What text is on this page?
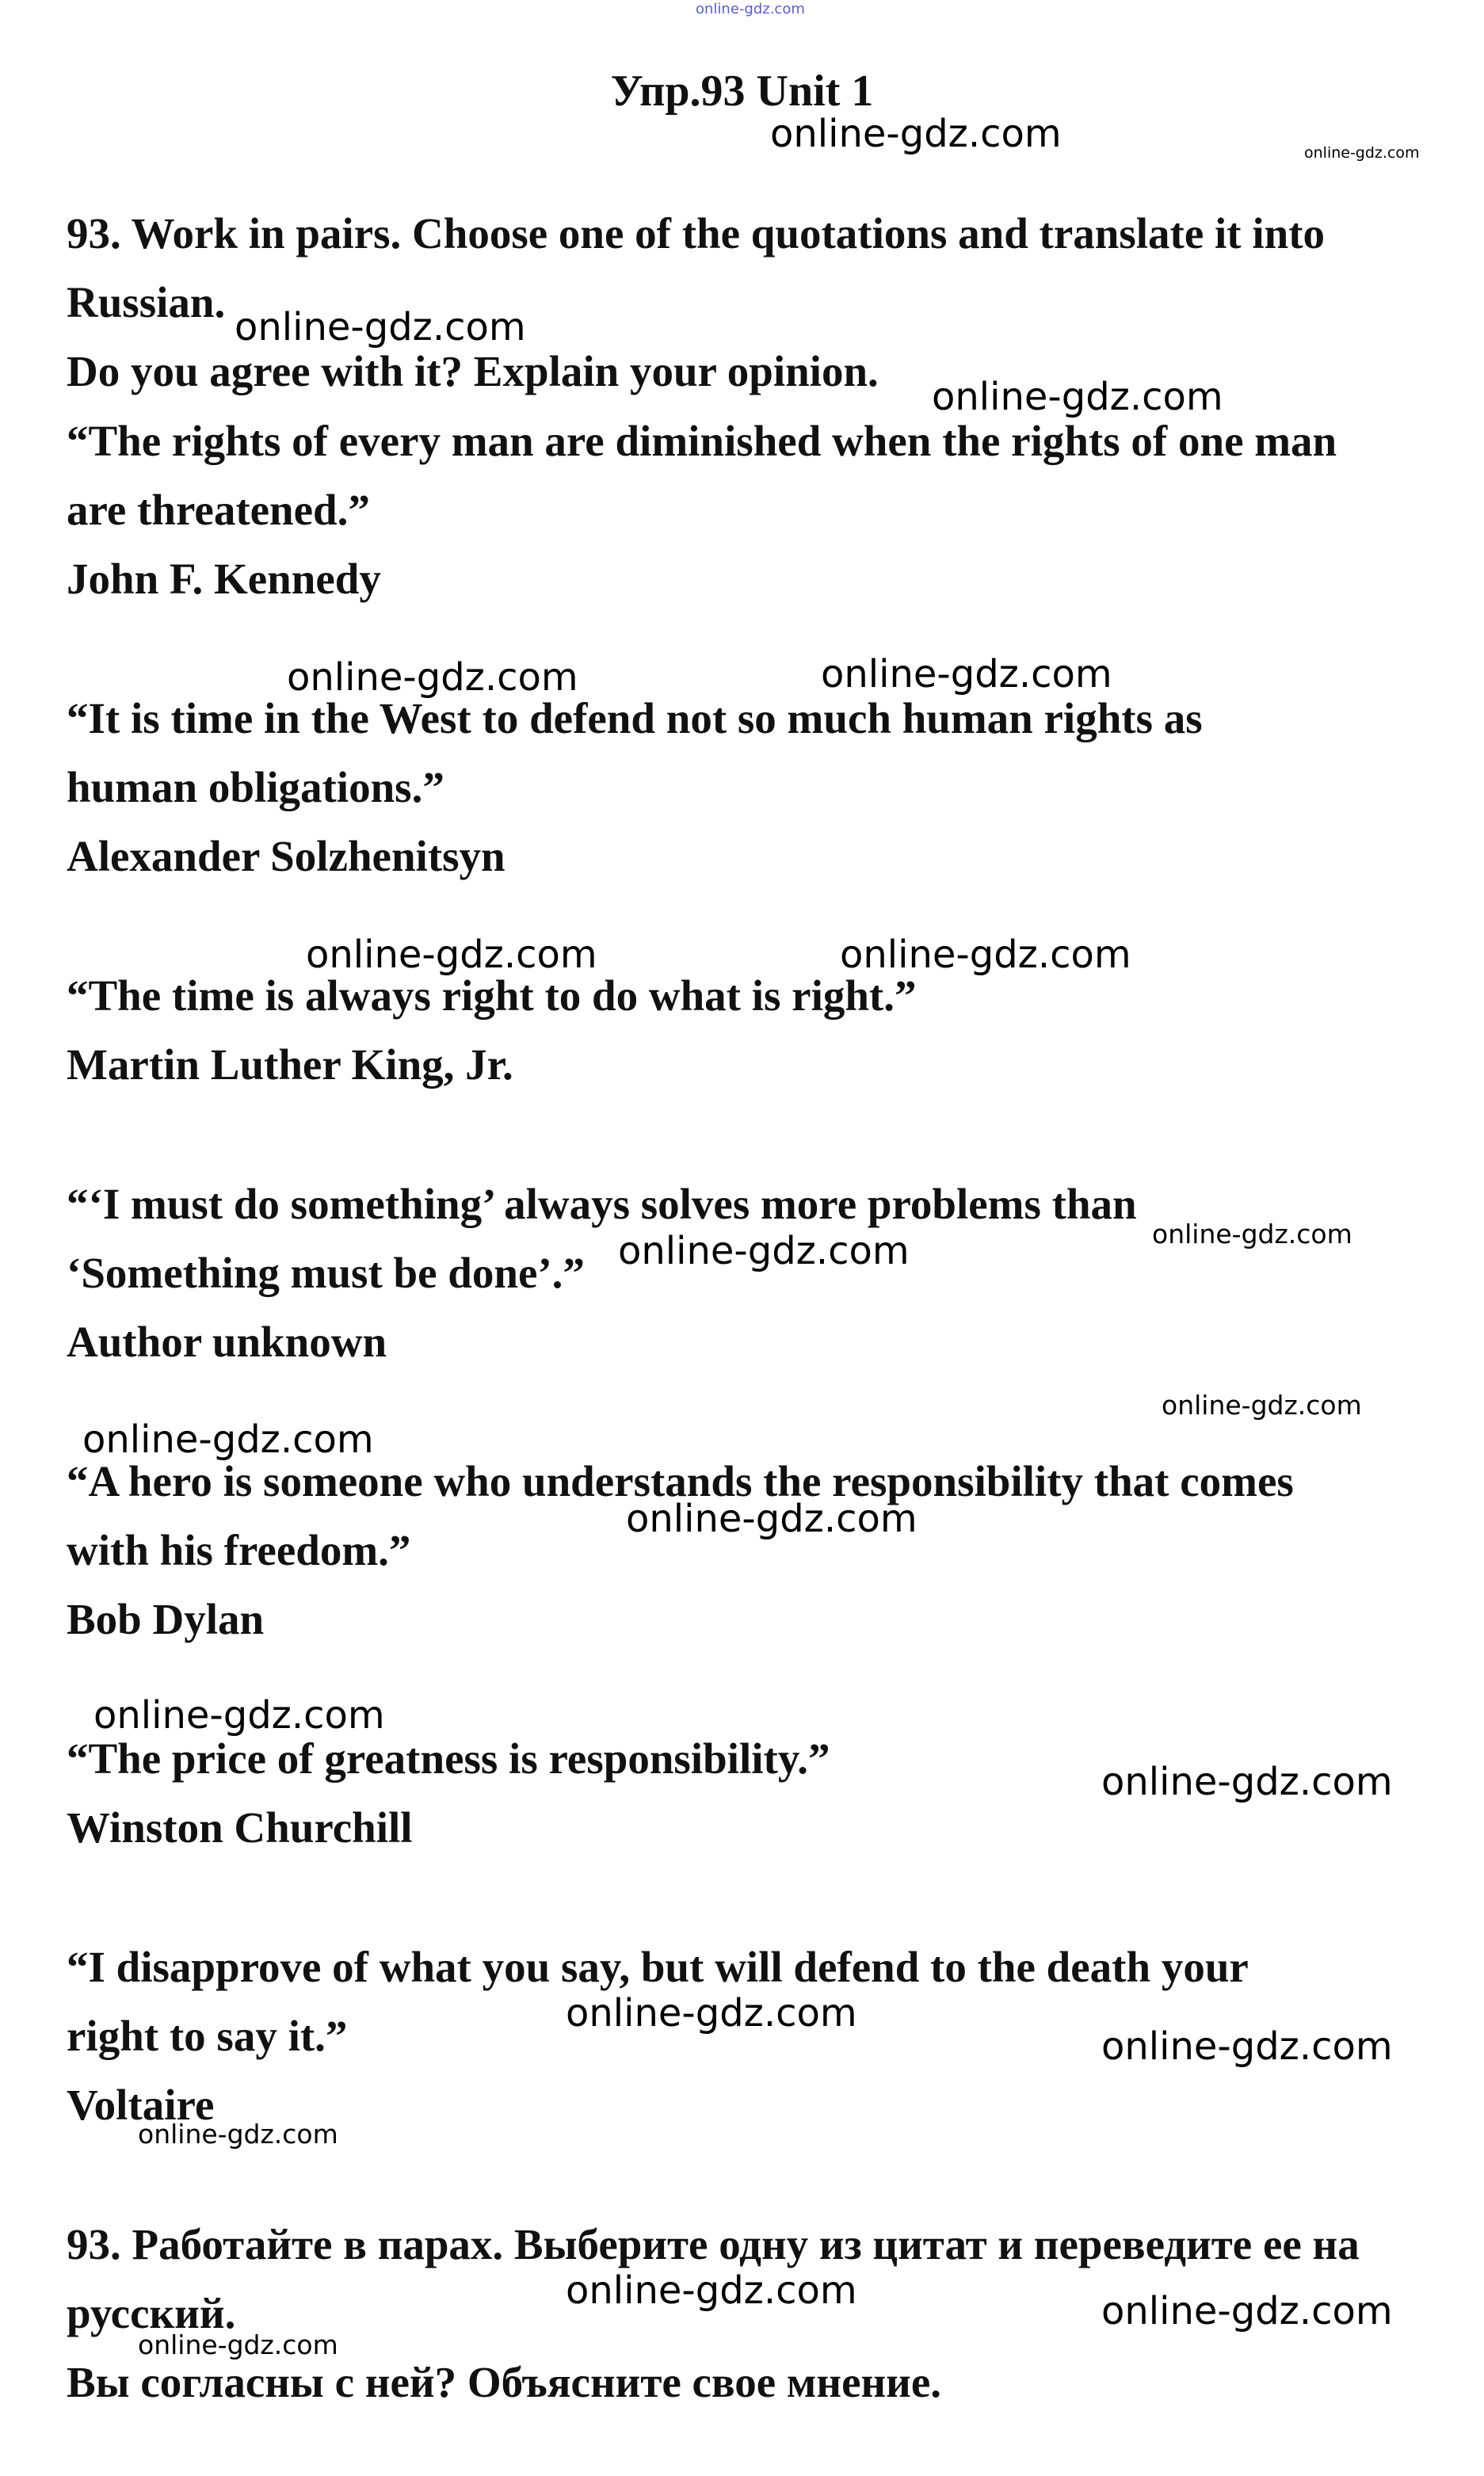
online-gdz.com
Упр.93 Unit 1
93. Work in pairs. Choose one of the quotations and translate it into
Russian.
Do you agree with it? Explain your opinion.
“The rights of every man are diminished when the rights of one man
are threatened.”
John F. Kennedy
“It is time in the West to defend not so much human rights as
human obligations.”
Alexander Solzhenitsyn
“The time is always right to do what is right.”
Martin Luther King, Jr.
“‘I must do something’ always solves more problems than
‘Something must be done’.”
Author unknown
“A hero is someone who understands the responsibility that comes
with his freedom.”
Bob Dylan
“The price of greatness is responsibility.”
Winston Churchill
“I disapprove of what you say, but will defend to the death your
right to say it.”
Voltaire
93. Работайте в парах. Выберите одну из цитат и переведите ее на
русский.
Вы согласны с ней? Объясните свое мнение.
online-gdz.com	online-gdz.com
online-gdz.com
online-gdz.com
online-gdz.com	online-gdz.com
online-gdz.com	online-gdz.com
online-gdz.com
online-gdz.com
online-gdz.com
online-gdz.com
online-gdz.com
online-gdz.com
online-gdz.com
online-gdz.com
online-gdz.com
online-gdz.com
online-gdz.com	online-gdz.com
online-gdz.com
